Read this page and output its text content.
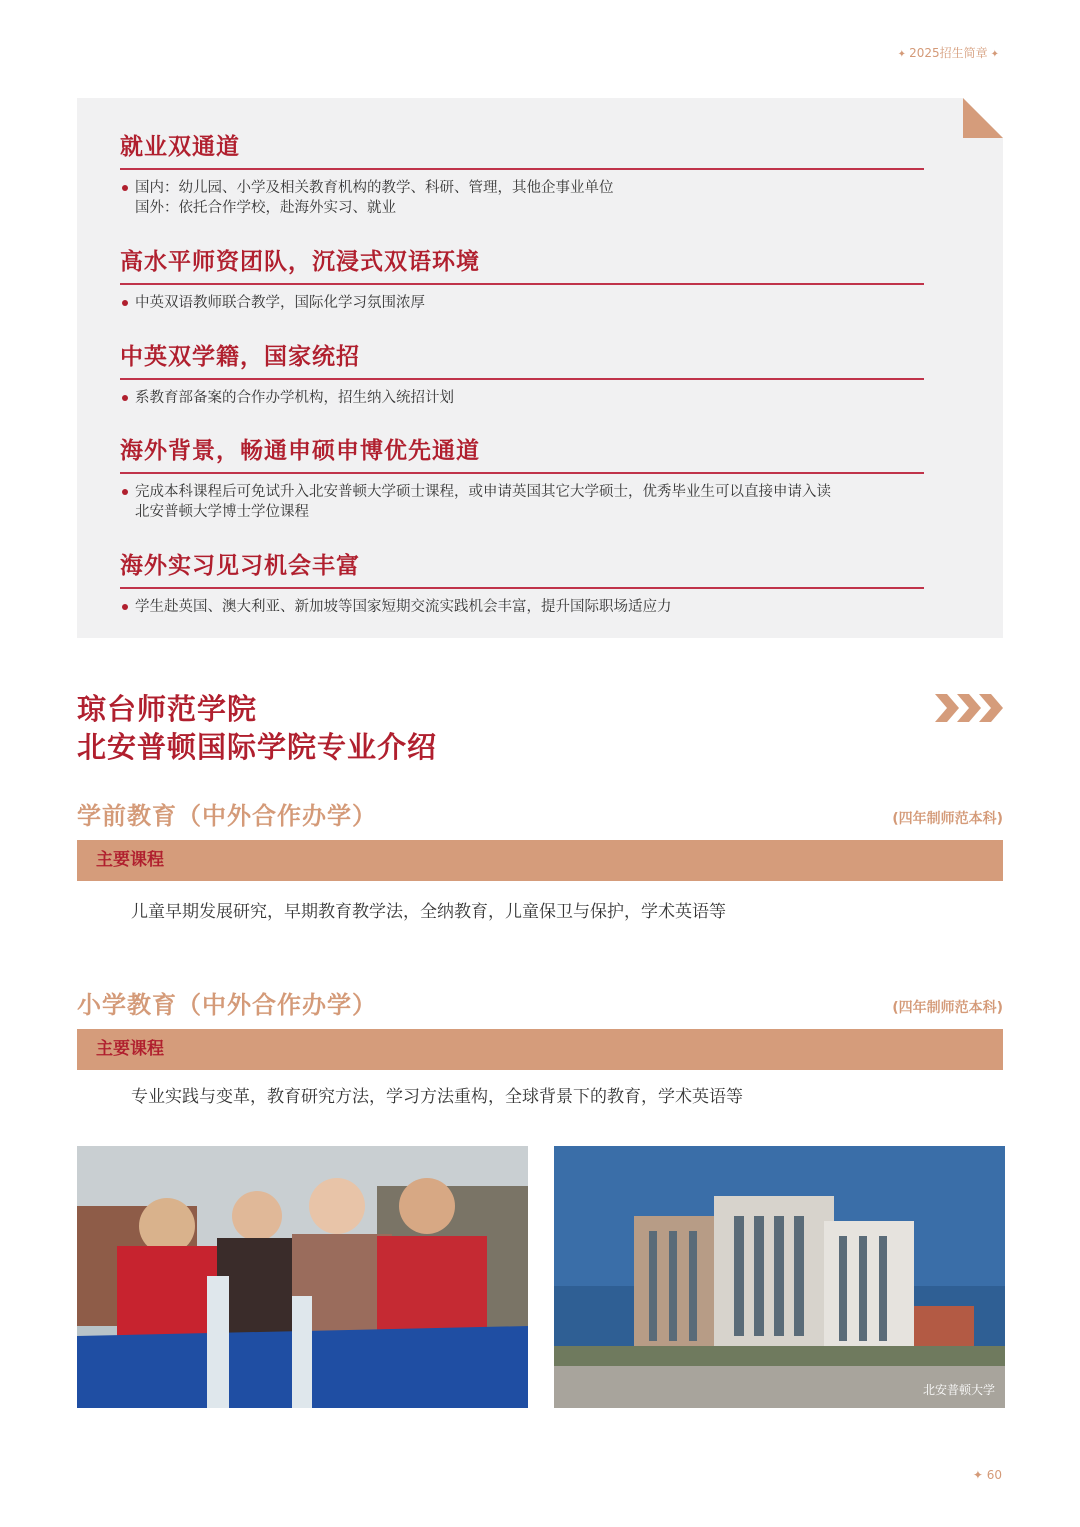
✦ 2025招生简章 ✦
就业双通道
国内：幼儿园、小学及相关教育机构的教学、科研、管理，其他企事业单位
国外：依托合作学校，赴海外实习、就业
高水平师资团队，沉浸式双语环境
中英双语教师联合教学，国际化学习氛围浓厚
中英双学籍，国家统招
系教育部备案的合作办学机构，招生纳入统招计划
海外背景，畅通申硕申博优先通道
完成本科课程后可免试升入北安普顿大学硕士课程，或申请英国其它大学硕士，优秀毕业生可以直接申请入读
北安普顿大学博士学位课程
海外实习见习机会丰富
学生赴英国、澳大利亚、新加坡等国家短期交流实践机会丰富，提升国际职场适应力
琼台师范学院
北安普顿国际学院专业介绍
学前教育（中外合作办学）	(四年制师范本科)
主要课程
儿童早期发展研究，早期教育教学法，全纳教育，儿童保卫与保护，学术英语等
小学教育（中外合作办学）	(四年制师范本科)
主要课程
专业实践与变革，教育研究方法，学习方法重构，全球背景下的教育，学术英语等
北安普顿大学
✦ 60
